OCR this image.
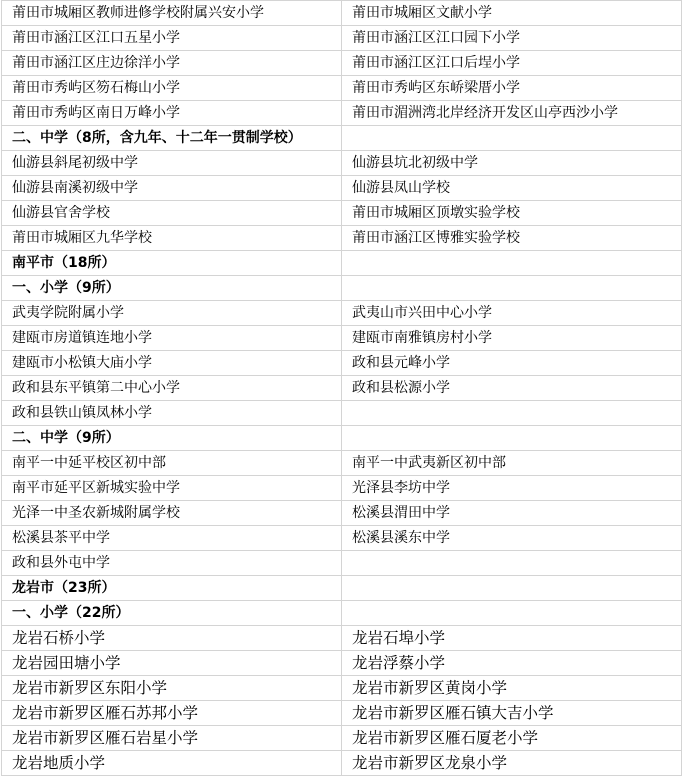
莆田市城厢区教师进修学校附属兴安小学	莆田市城厢区文献小学
莆田市涵江区江口五星小学	莆田市涵江区江口园下小学
莆田市涵江区庄边徐洋小学	莆田市涵江区江口后埕小学
莆田市秀屿区笏石梅山小学	莆田市秀屿区东峤梁厝小学
莆田市秀屿区南日万峰小学	莆田市湄洲湾北岸经济开发区山亭西沙小学
二、中学（8所，含九年、十二年一贯制学校）	
仙游县斜尾初级中学	仙游县坑北初级中学
仙游县南溪初级中学	仙游县凤山学校
仙游县官舍学校	莆田市城厢区顶墩实验学校
莆田市城厢区九华学校	莆田市涵江区博雅实验学校
南平市（18所）	
一、小学（9所）	
武夷学院附属小学	武夷山市兴田中心小学
建瓯市房道镇连地小学	建瓯市南雅镇房村小学
建瓯市小松镇大庙小学	政和县元峰小学
政和县东平镇第二中心小学	政和县松源小学
政和县铁山镇凤林小学	
二、中学（9所）	
南平一中延平校区初中部	南平一中武夷新区初中部
南平市延平区新城实验中学	光泽县李坊中学
光泽一中圣农新城附属学校	松溪县渭田中学
松溪县茶平中学	松溪县溪东中学
政和县外屯中学	
龙岩市（23所）	
一、小学（22所）	
龙岩石桥小学	龙岩石埠小学
龙岩园田塘小学	龙岩浮蔡小学
龙岩市新罗区东阳小学	龙岩市新罗区黄岗小学
龙岩市新罗区雁石苏邦小学	龙岩市新罗区雁石镇大吉小学
龙岩市新罗区雁石岩星小学	龙岩市新罗区雁石厦老小学
龙岩地质小学	龙岩市新罗区龙泉小学
